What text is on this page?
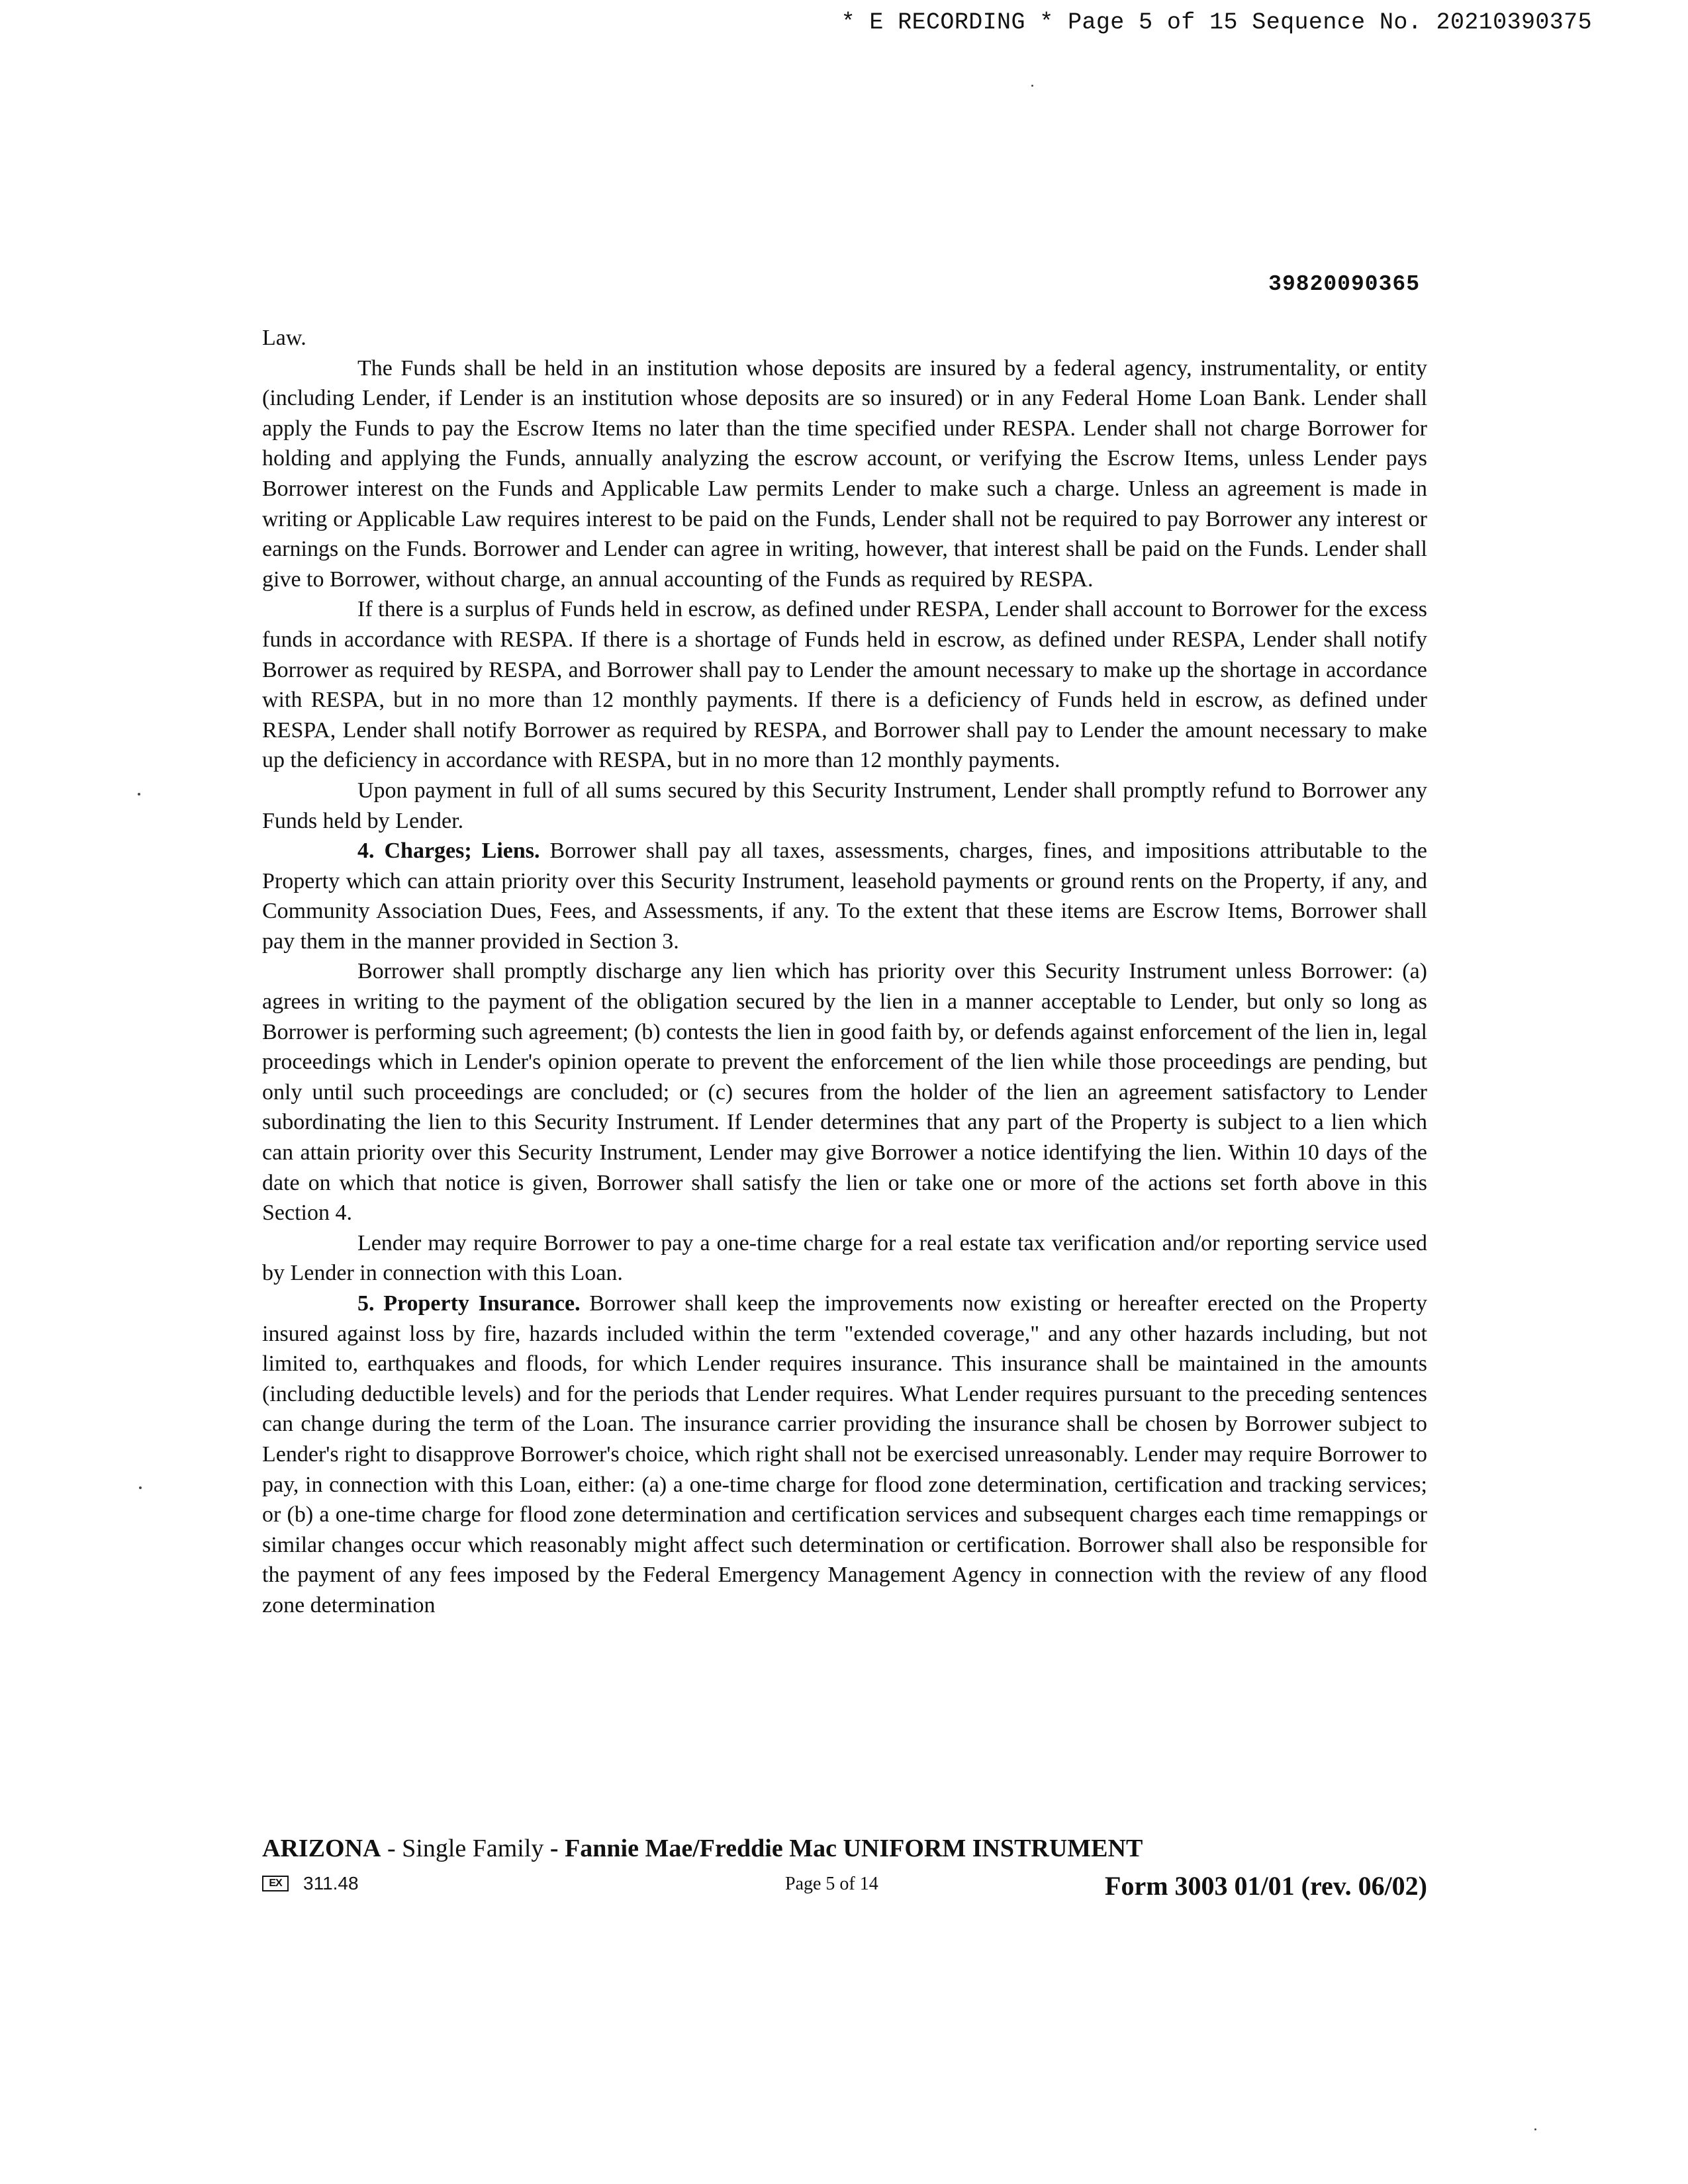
* E RECORDING * Page 5 of 15 Sequence No. 20210390375
39820090365

Law.

The Funds shall be held in an institution whose deposits are insured by a federal agency, instrumentality, or entity (including Lender, if Lender is an institution whose deposits are so insured) or in any Federal Home Loan Bank. Lender shall apply the Funds to pay the Escrow Items no later than the time specified under RESPA. Lender shall not charge Borrower for holding and applying the Funds, annually analyzing the escrow account, or verifying the Escrow Items, unless Lender pays Borrower interest on the Funds and Applicable Law permits Lender to make such a charge. Unless an agreement is made in writing or Applicable Law requires interest to be paid on the Funds, Lender shall not be required to pay Borrower any interest or earnings on the Funds. Borrower and Lender can agree in writing, however, that interest shall be paid on the Funds. Lender shall give to Borrower, without charge, an annual accounting of the Funds as required by RESPA.

If there is a surplus of Funds held in escrow, as defined under RESPA, Lender shall account to Borrower for the excess funds in accordance with RESPA. If there is a shortage of Funds held in escrow, as defined under RESPA, Lender shall notify Borrower as required by RESPA, and Borrower shall pay to Lender the amount necessary to make up the shortage in accordance with RESPA, but in no more than 12 monthly payments. If there is a deficiency of Funds held in escrow, as defined under RESPA, Lender shall notify Borrower as required by RESPA, and Borrower shall pay to Lender the amount necessary to make up the deficiency in accordance with RESPA, but in no more than 12 monthly payments.

Upon payment in full of all sums secured by this Security Instrument, Lender shall promptly refund to Borrower any Funds held by Lender.

4. Charges; Liens. Borrower shall pay all taxes, assessments, charges, fines, and impositions attributable to the Property which can attain priority over this Security Instrument, leasehold payments or ground rents on the Property, if any, and Community Association Dues, Fees, and Assessments, if any. To the extent that these items are Escrow Items, Borrower shall pay them in the manner provided in Section 3.

Borrower shall promptly discharge any lien which has priority over this Security Instrument unless Borrower: (a) agrees in writing to the payment of the obligation secured by the lien in a manner acceptable to Lender, but only so long as Borrower is performing such agreement; (b) contests the lien in good faith by, or defends against enforcement of the lien in, legal proceedings which in Lender's opinion operate to prevent the enforcement of the lien while those proceedings are pending, but only until such proceedings are concluded; or (c) secures from the holder of the lien an agreement satisfactory to Lender subordinating the lien to this Security Instrument. If Lender determines that any part of the Property is subject to a lien which can attain priority over this Security Instrument, Lender may give Borrower a notice identifying the lien. Within 10 days of the date on which that notice is given, Borrower shall satisfy the lien or take one or more of the actions set forth above in this Section 4.

Lender may require Borrower to pay a one-time charge for a real estate tax verification and/or reporting service used by Lender in connection with this Loan.

5. Property Insurance. Borrower shall keep the improvements now existing or hereafter erected on the Property insured against loss by fire, hazards included within the term "extended coverage," and any other hazards including, but not limited to, earthquakes and floods, for which Lender requires insurance. This insurance shall be maintained in the amounts (including deductible levels) and for the periods that Lender requires. What Lender requires pursuant to the preceding sentences can change during the term of the Loan. The insurance carrier providing the insurance shall be chosen by Borrower subject to Lender's right to disapprove Borrower's choice, which right shall not be exercised unreasonably. Lender may require Borrower to pay, in connection with this Loan, either: (a) a one-time charge for flood zone determination, certification and tracking services; or (b) a one-time charge for flood zone determination and certification services and subsequent charges each time remappings or similar changes occur which reasonably might affect such determination or certification. Borrower shall also be responsible for the payment of any fees imposed by the Federal Emergency Management Agency in connection with the review of any flood zone determination

ARIZONA - Single Family - Fannie Mae/Freddie Mac UNIFORM INSTRUMENT
EX	311.48	Page 5 of 14	Form 3003 01/01 (rev. 06/02)
